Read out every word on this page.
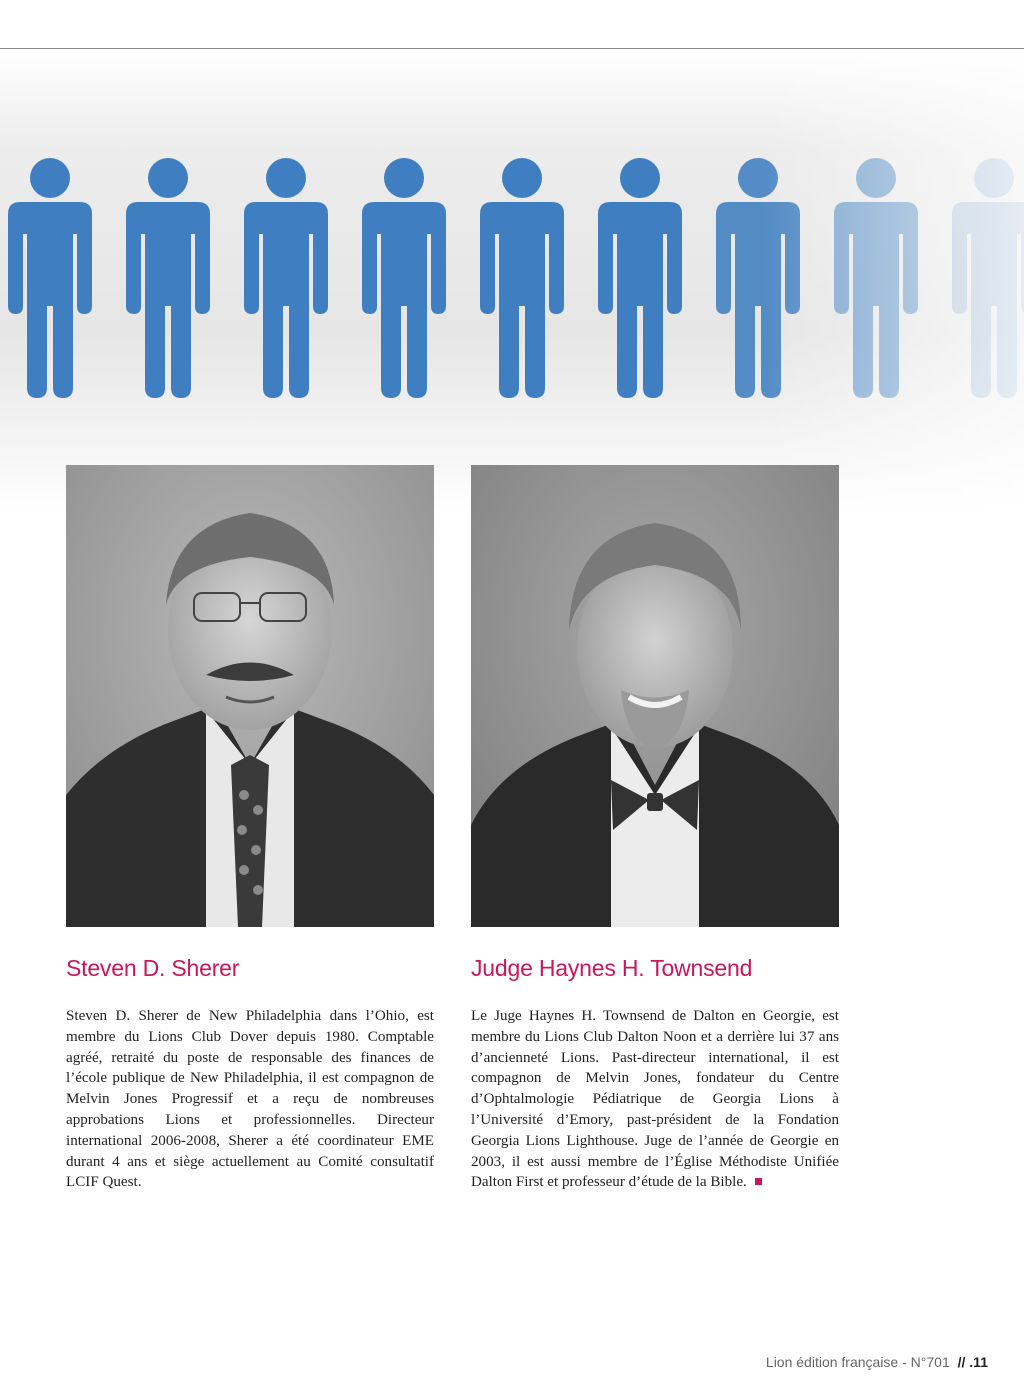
Steven D. Sherer

Steven D. Sherer de New Philadelphia dans l’Ohio, est membre du Lions Club Dover depuis 1980. Comptable agréé, retraité du poste de responsable des finances de l’école publique de New Philadelphia, il est compagnon de Melvin Jones Progressif et a reçu de nombreuses approbations Lions et professionnelles. Directeur international 2006-2008, Sherer a été coordinateur EME durant 4 ans et siège actuellement au Comité consultatif LCIF Quest.

Judge Haynes H. Townsend

Le Juge Haynes H. Townsend de Dalton en Georgie, est membre du Lions Club Dalton Noon et a derrière lui 37 ans d’ancienneté Lions. Past-directeur international, il est compagnon de Melvin Jones, fondateur du Centre d’Ophtalmologie Pédiatrique de Georgia Lions à l’Université d’Emory, past-président de la Fondation Georgia Lions Lighthouse. Juge de l’année de Georgie en 2003, il est aussi membre de l’Église Méthodiste Unifiée Dalton First et professeur d’étude de la Bible.

Lion édition française - N°701 // .11
